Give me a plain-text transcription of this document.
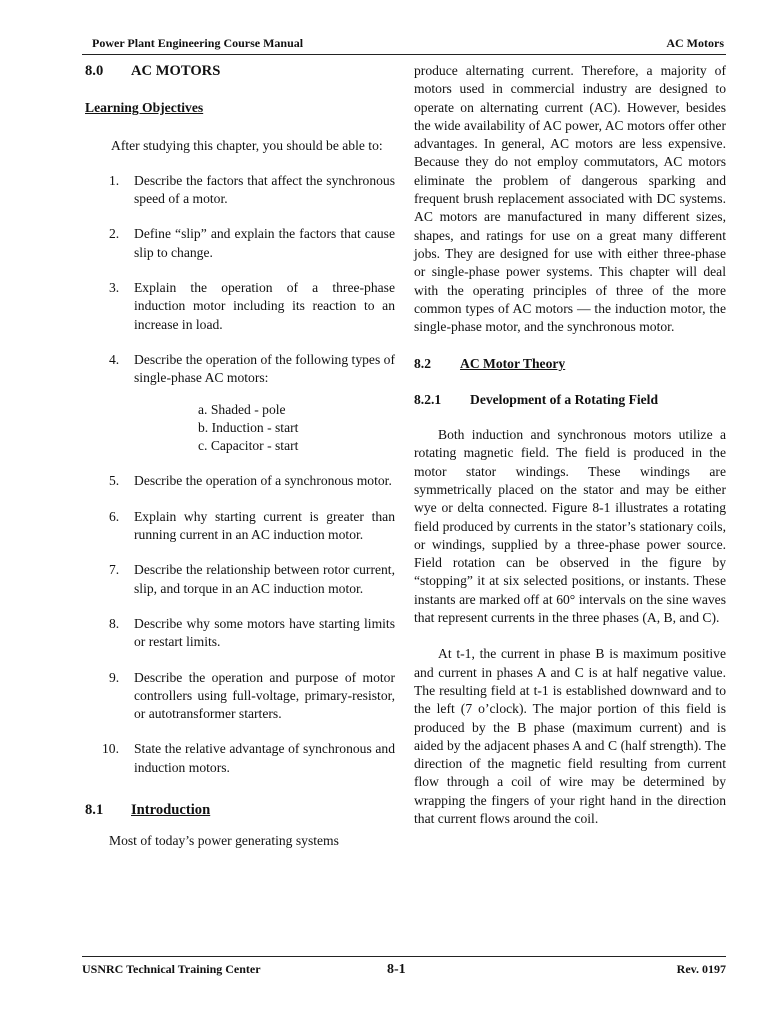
Power Plant Engineering Course Manual	AC Motors
8.0 AC MOTORS

Learning Objectives

After studying this chapter, you should be able to:

1. Describe the factors that affect the synchronous speed of a motor.
2. Define “slip” and explain the factors that cause slip to change.
3. Explain the operation of a three-phase induction motor including its reaction to an increase in load.
4. Describe the operation of the following types of single-phase AC motors:
a. Shaded - pole
b. Induction - start
c. Capacitor - start
5. Describe the operation of a synchronous motor.
6. Explain why starting current is greater than running current in an AC induction motor.
7. Describe the relationship between rotor current, slip, and torque in an AC induction motor.
8. Describe why some motors have starting limits or restart limits.
9. Describe the operation and purpose of motor controllers using full-voltage, primary-resistor, or autotransformer starters.
10. State the relative advantage of synchronous and induction motors.
8.1 Introduction

Most of today’s power generating systems

produce alternating current. Therefore, a majority of motors used in commercial industry are designed to operate on alternating current (AC). However, besides the wide availability of AC power, AC motors offer other advantages. In general, AC motors are less expensive. Because they do not employ commutators, AC motors eliminate the problem of dangerous sparking and frequent brush replacement associated with DC systems. AC motors are manufactured in many different sizes, shapes, and ratings for use on a great many different jobs. They are designed for use with either three-phase or single-phase power systems. This chapter will deal with the operating principles of three of the more common types of AC motors — the induction motor, the single-phase motor, and the synchronous motor.

8.2 AC Motor Theory
8.2.1 Development of a Rotating Field

Both induction and synchronous motors utilize a rotating magnetic field. The field is produced in the motor stator windings. These windings are symmetrically placed on the stator and may be either wye or delta connected. Figure 8-1 illustrates a rotating field produced by currents in the stator’s stationary coils, or windings, supplied by a three-phase power source. Field rotation can be observed in the figure by “stopping” it at six selected positions, or instants. These instants are marked off at 60° intervals on the sine waves that represent currents in the three phases (A, B, and C).

At t-1, the current in phase B is maximum positive and current in phases A and C is at half negative value. The resulting field at t-1 is established downward and to the left (7 o’clock). The major portion of this field is produced by the B phase (maximum current) and is aided by the adjacent phases A and C (half strength). The direction of the magnetic field resulting from current flow through a coil of wire may be determined by wrapping the fingers of your right hand in the direction that current flows around the coil.

USNRC Technical Training Center	8-1	Rev. 0197
